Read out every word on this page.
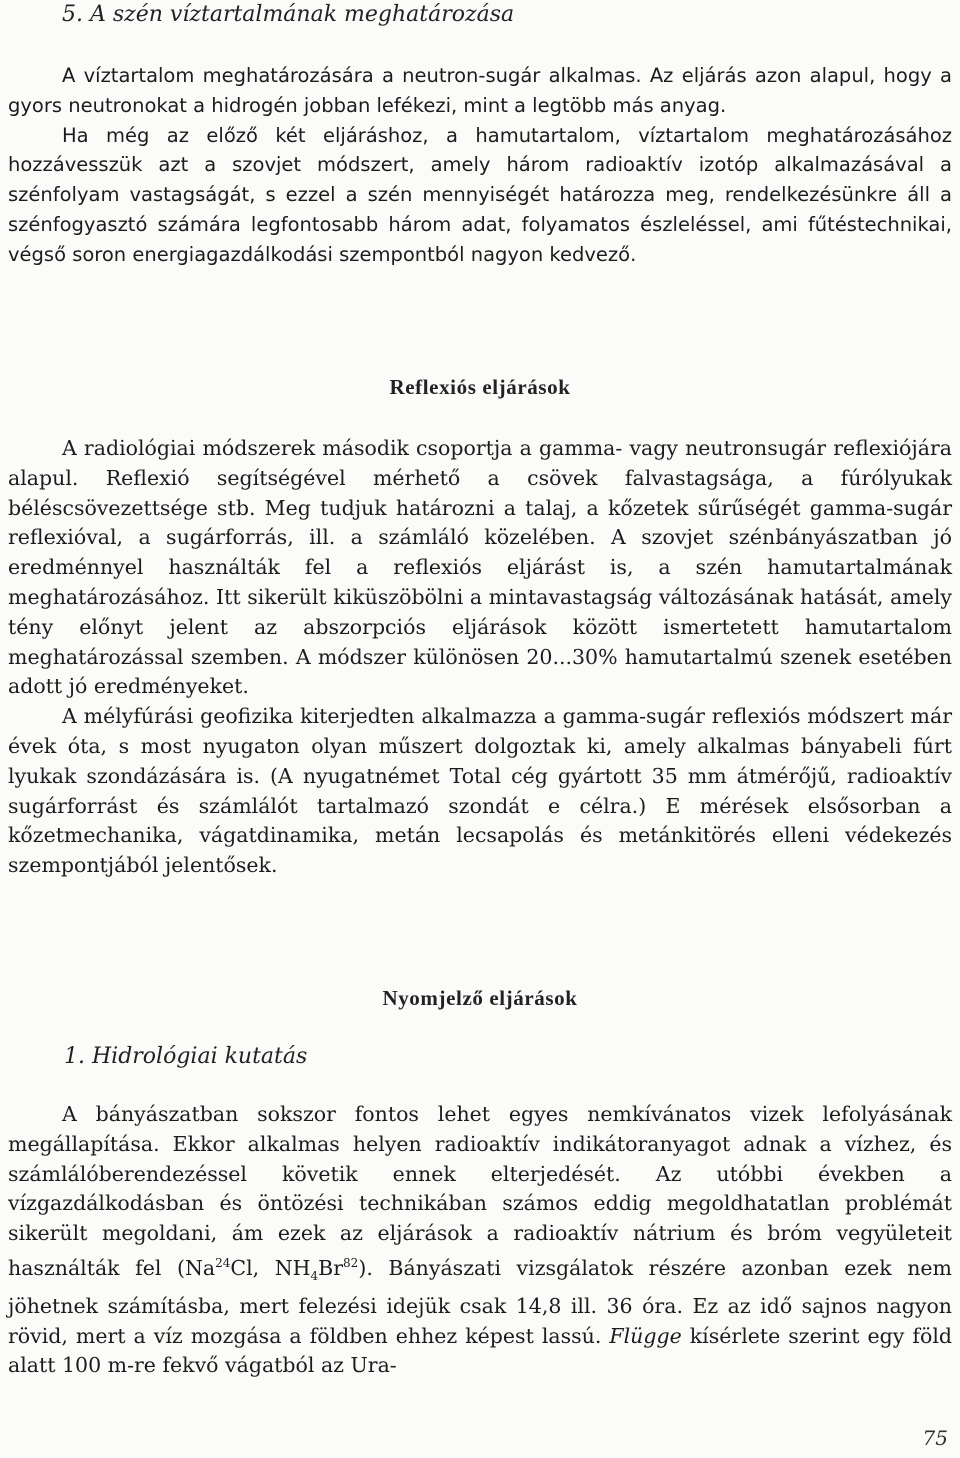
5. A szén víztartalmának meghatározása

A víztartalom meghatározására a neutron-sugár alkalmas. Az eljárás azon alapul, hogy a gyors neutronokat a hidrogén jobban lefékezi, mint a legtöbb más anyag.

Ha még az előző két eljáráshoz, a hamutartalom, víztartalom meghatározásához hozzávesszük azt a szovjet módszert, amely három radioaktív izotóp alkalmazásával a szénfolyam vastagságát, s ezzel a szén mennyiségét határozza meg, rendelkezésünkre áll a szénfogyasztó számára legfontosabb három adat, folyamatos észleléssel, ami fűtéstechnikai, végső soron energiagazdálkodási szempontból nagyon kedvező.

Reflexiós eljárások

A radiológiai módszerek második csoportja a gamma- vagy neutronsugár reflexiójára alapul. Reflexió segítségével mérhető a csövek falvastagsága, a fúrólyukak béléscsövezettsége stb. Meg tudjuk határozni a talaj, a kőzetek sűrűségét gamma-sugár reflexióval, a sugárforrás, ill. a számláló közelében. A szovjet szénbányászatban jó eredménnyel használták fel a reflexiós eljárást is, a szén hamutartalmának meghatározásához. Itt sikerült kiküszöbölni a mintavastagság változásának hatását, amely tény előnyt jelent az abszorpciós eljárások között ismertetett hamutartalom meghatározással szemben. A módszer különösen 20...30% hamutartalmú szenek esetében adott jó eredményeket.

A mélyfúrási geofizika kiterjedten alkalmazza a gamma-sugár reflexiós módszert már évek óta, s most nyugaton olyan műszert dolgoztak ki, amely alkalmas bányabeli fúrt lyukak szondázására is. (A nyugatnémet Total cég gyártott 35 mm átmérőjű, radioaktív sugárforrást és számlálót tartalmazó szondát e célra.) E mérések elsősorban a kőzetmechanika, vágatdinamika, metán lecsapolás és metánkitörés elleni védekezés szempontjából jelentősek.

Nyomjelző eljárások
1. Hidrológiai kutatás

A bányászatban sokszor fontos lehet egyes nemkívánatos vizek lefolyásának megállapítása. Ekkor alkalmas helyen radioaktív indikátoranyagot adnak a vízhez, és számlálóberendezéssel követik ennek elterjedését. Az utóbbi években a vízgazdálkodásban és öntözési technikában számos eddig megoldhatatlan problémát sikerült megoldani, ám ezek az eljárások a radioaktív nátrium és bróm vegyületeit használták fel (Na$^{24}$Cl, $NH_4Br^{82}$). Bányászati vizsgálatok részére azonban ezek nem jöhetnek számításba, mert felezési idejük csak 14,8 ill. 36 óra. Ez az idő sajnos nagyon rövid, mert a víz mozgása a földben ehhez képest lassú. Flügge kísérlete szerint egy föld alatt 100 m-re fekvő vágatból az Ura-

75
